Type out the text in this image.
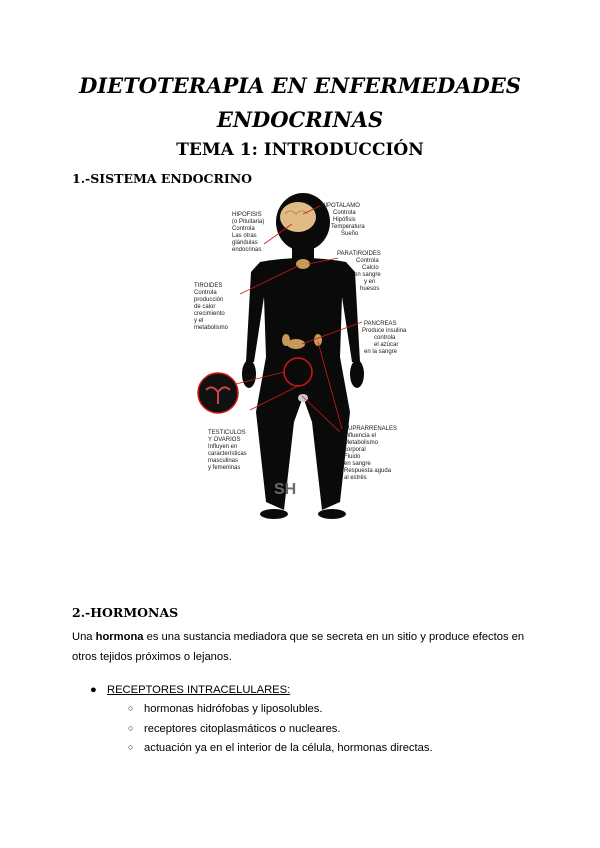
DIETOTERAPIA EN ENFERMEDADES
ENDOCRINAS
TEMA 1: INTRODUCCIÓN
1.-SISTEMA ENDOCRINO
HIPOTALAMO Controla Hipófisis Temperatura Sueño
HIPOFISIS (o Pituitaria) Controla Las otras glándulas endocrinas
PARATIROIDES Controla Calcio en sangre y en huesos
TIROIDES Controla producción de calor crecimiento y el metabolismo
PANCREAS Produce insulina controla el azúcar en la sangre
TESTICULOS Y OVARIOS Influyen en características masculinas y femeninas
SUPRARRENALES Influencia el Metabolismo corporal Fluido en sangre Respuesta aguda al estrés
SH
2.-HORMONAS

Una hormona es una sustancia mediadora que se secreta en un sitio y produce efectos en otros tejidos próximos o lejanos.

● RECEPTORES INTRACELULARES:
○ hormonas hidrófobas y liposolubles.
○ receptores citoplasmáticos o nucleares.
○ actuación ya en el interior de la célula, hormonas directas.
